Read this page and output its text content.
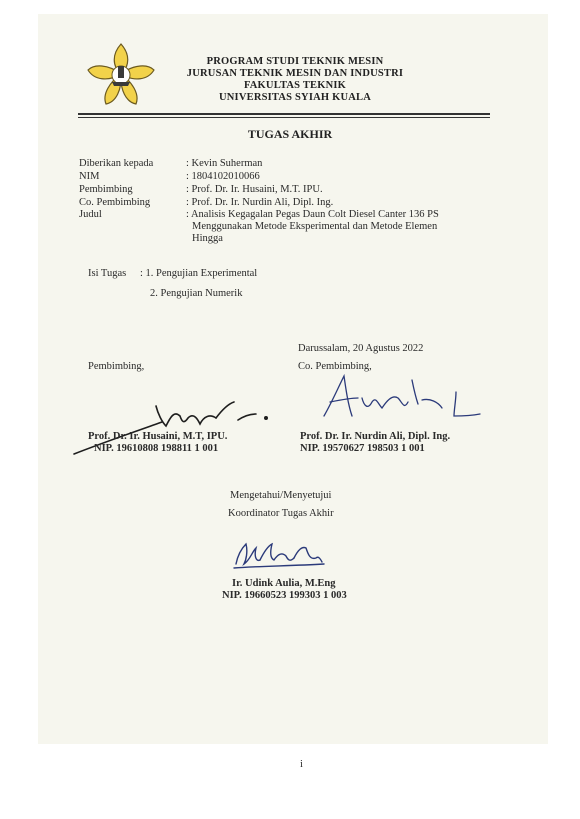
PROGRAM STUDI TEKNIK MESIN
JURUSAN TEKNIK MESIN DAN INDUSTRI
FAKULTAS TEKNIK
UNIVERSITAS SYIAH KUALA
TUGAS AKHIR
Diberikan kepada	: Kevin Suherman
NIM	: 1804102010066
Pembimbing	: Prof. Dr. Ir. Husaini, M.T. IPU.
Co. Pembimbing	: Prof. Dr. Ir. Nurdin Ali, Dipl. Ing.
Judul	: Analisis Kegagalan Pegas Daun Colt Diesel Canter 136 PS
Menggunakan Metode Eksperimental dan Metode Elemen
Hingga
Isi Tugas : 1. Pengujian Experimental
2. Pengujian Numerik
Darussalam, 20 Agustus 2022
Pembimbing,	Co. Pembimbing,
Prof. Dr. Ir. Husaini, M.T, IPU.
NIP. 19610808 198811 1 001
Prof. Dr. Ir. Nurdin Ali, Dipl. Ing.
NIP. 19570627 198503 1 001
Mengetahui/Menyetujui
Koordinator Tugas Akhir
Ir. Udink Aulia, M.Eng
NIP. 19660523 199303 1 003
i
